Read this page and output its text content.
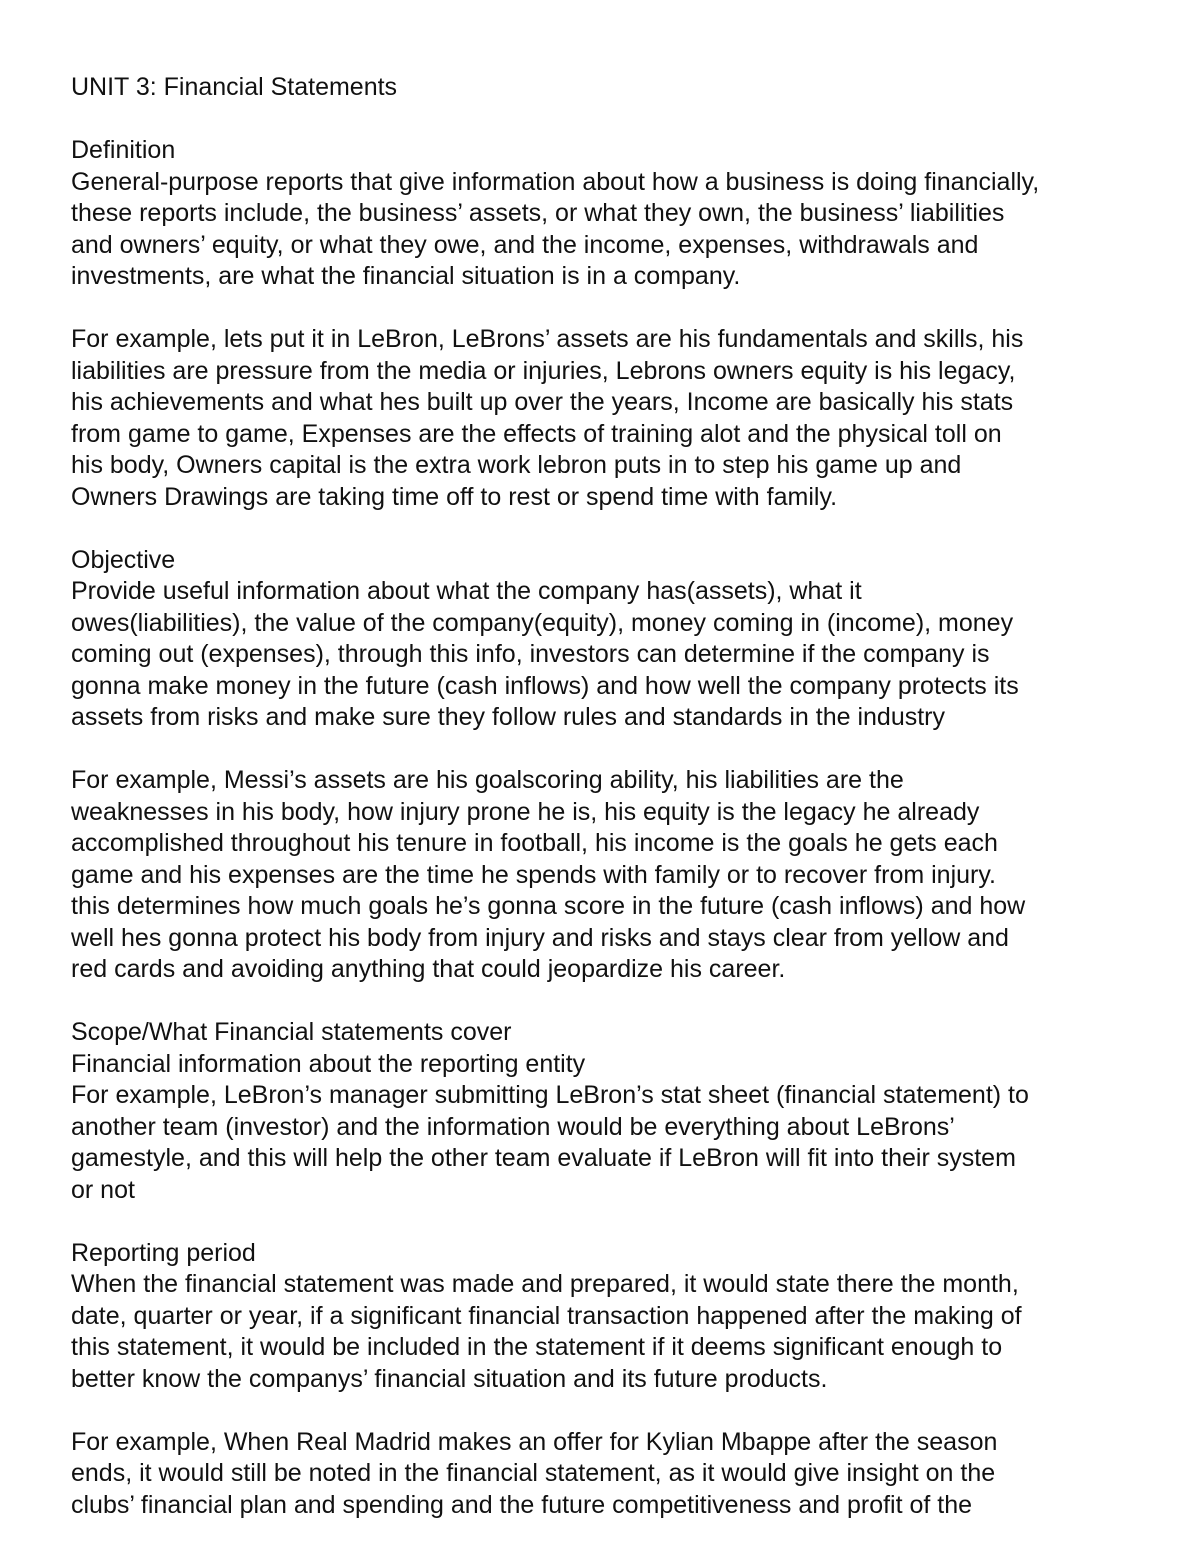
UNIT 3: Financial Statements
Definition
General-purpose reports that give information about how a business is doing financially,
these reports include, the business’ assets, or what they own, the business’ liabilities
and owners’ equity, or what they owe, and the income, expenses, withdrawals and
investments, are what the financial situation is in a company.
For example, lets put it in LeBron, LeBrons’ assets are his fundamentals and skills, his
liabilities are pressure from the media or injuries, Lebrons owners equity is his legacy,
his achievements and what hes built up over the years, Income are basically his stats
from game to game, Expenses are the effects of training alot and the physical toll on
his body, Owners capital is the extra work lebron puts in to step his game up and
Owners Drawings are taking time off to rest or spend time with family.
Objective
Provide useful information about what the company has(assets), what it
owes(liabilities), the value of the company(equity), money coming in (income), money
coming out (expenses), through this info, investors can determine if the company is
gonna make money in the future (cash inflows) and how well the company protects its
assets from risks and make sure they follow rules and standards in the industry
For example, Messi’s assets are his goalscoring ability, his liabilities are the
weaknesses in his body, how injury prone he is, his equity is the legacy he already
accomplished throughout his tenure in football, his income is the goals he gets each
game and his expenses are the time he spends with family or to recover from injury.
this determines how much goals he’s gonna score in the future (cash inflows) and how
well hes gonna protect his body from injury and risks and stays clear from yellow and
red cards and avoiding anything that could jeopardize his career.
Scope/What Financial statements cover
Financial information about the reporting entity
For example, LeBron’s manager submitting LeBron’s stat sheet (financial statement) to
another team (investor) and the information would be everything about LeBrons’
gamestyle, and this will help the other team evaluate if LeBron will fit into their system
or not
Reporting period
When the financial statement was made and prepared, it would state there the month,
date, quarter or year, if a significant financial transaction happened after the making of
this statement, it would be included in the statement if it deems significant enough to
better know the companys’ financial situation and its future products.
For example, When Real Madrid makes an offer for Kylian Mbappe after the season
ends, it would still be noted in the financial statement, as it would give insight on the
clubs’ financial plan and spending and the future competitiveness and profit of the
